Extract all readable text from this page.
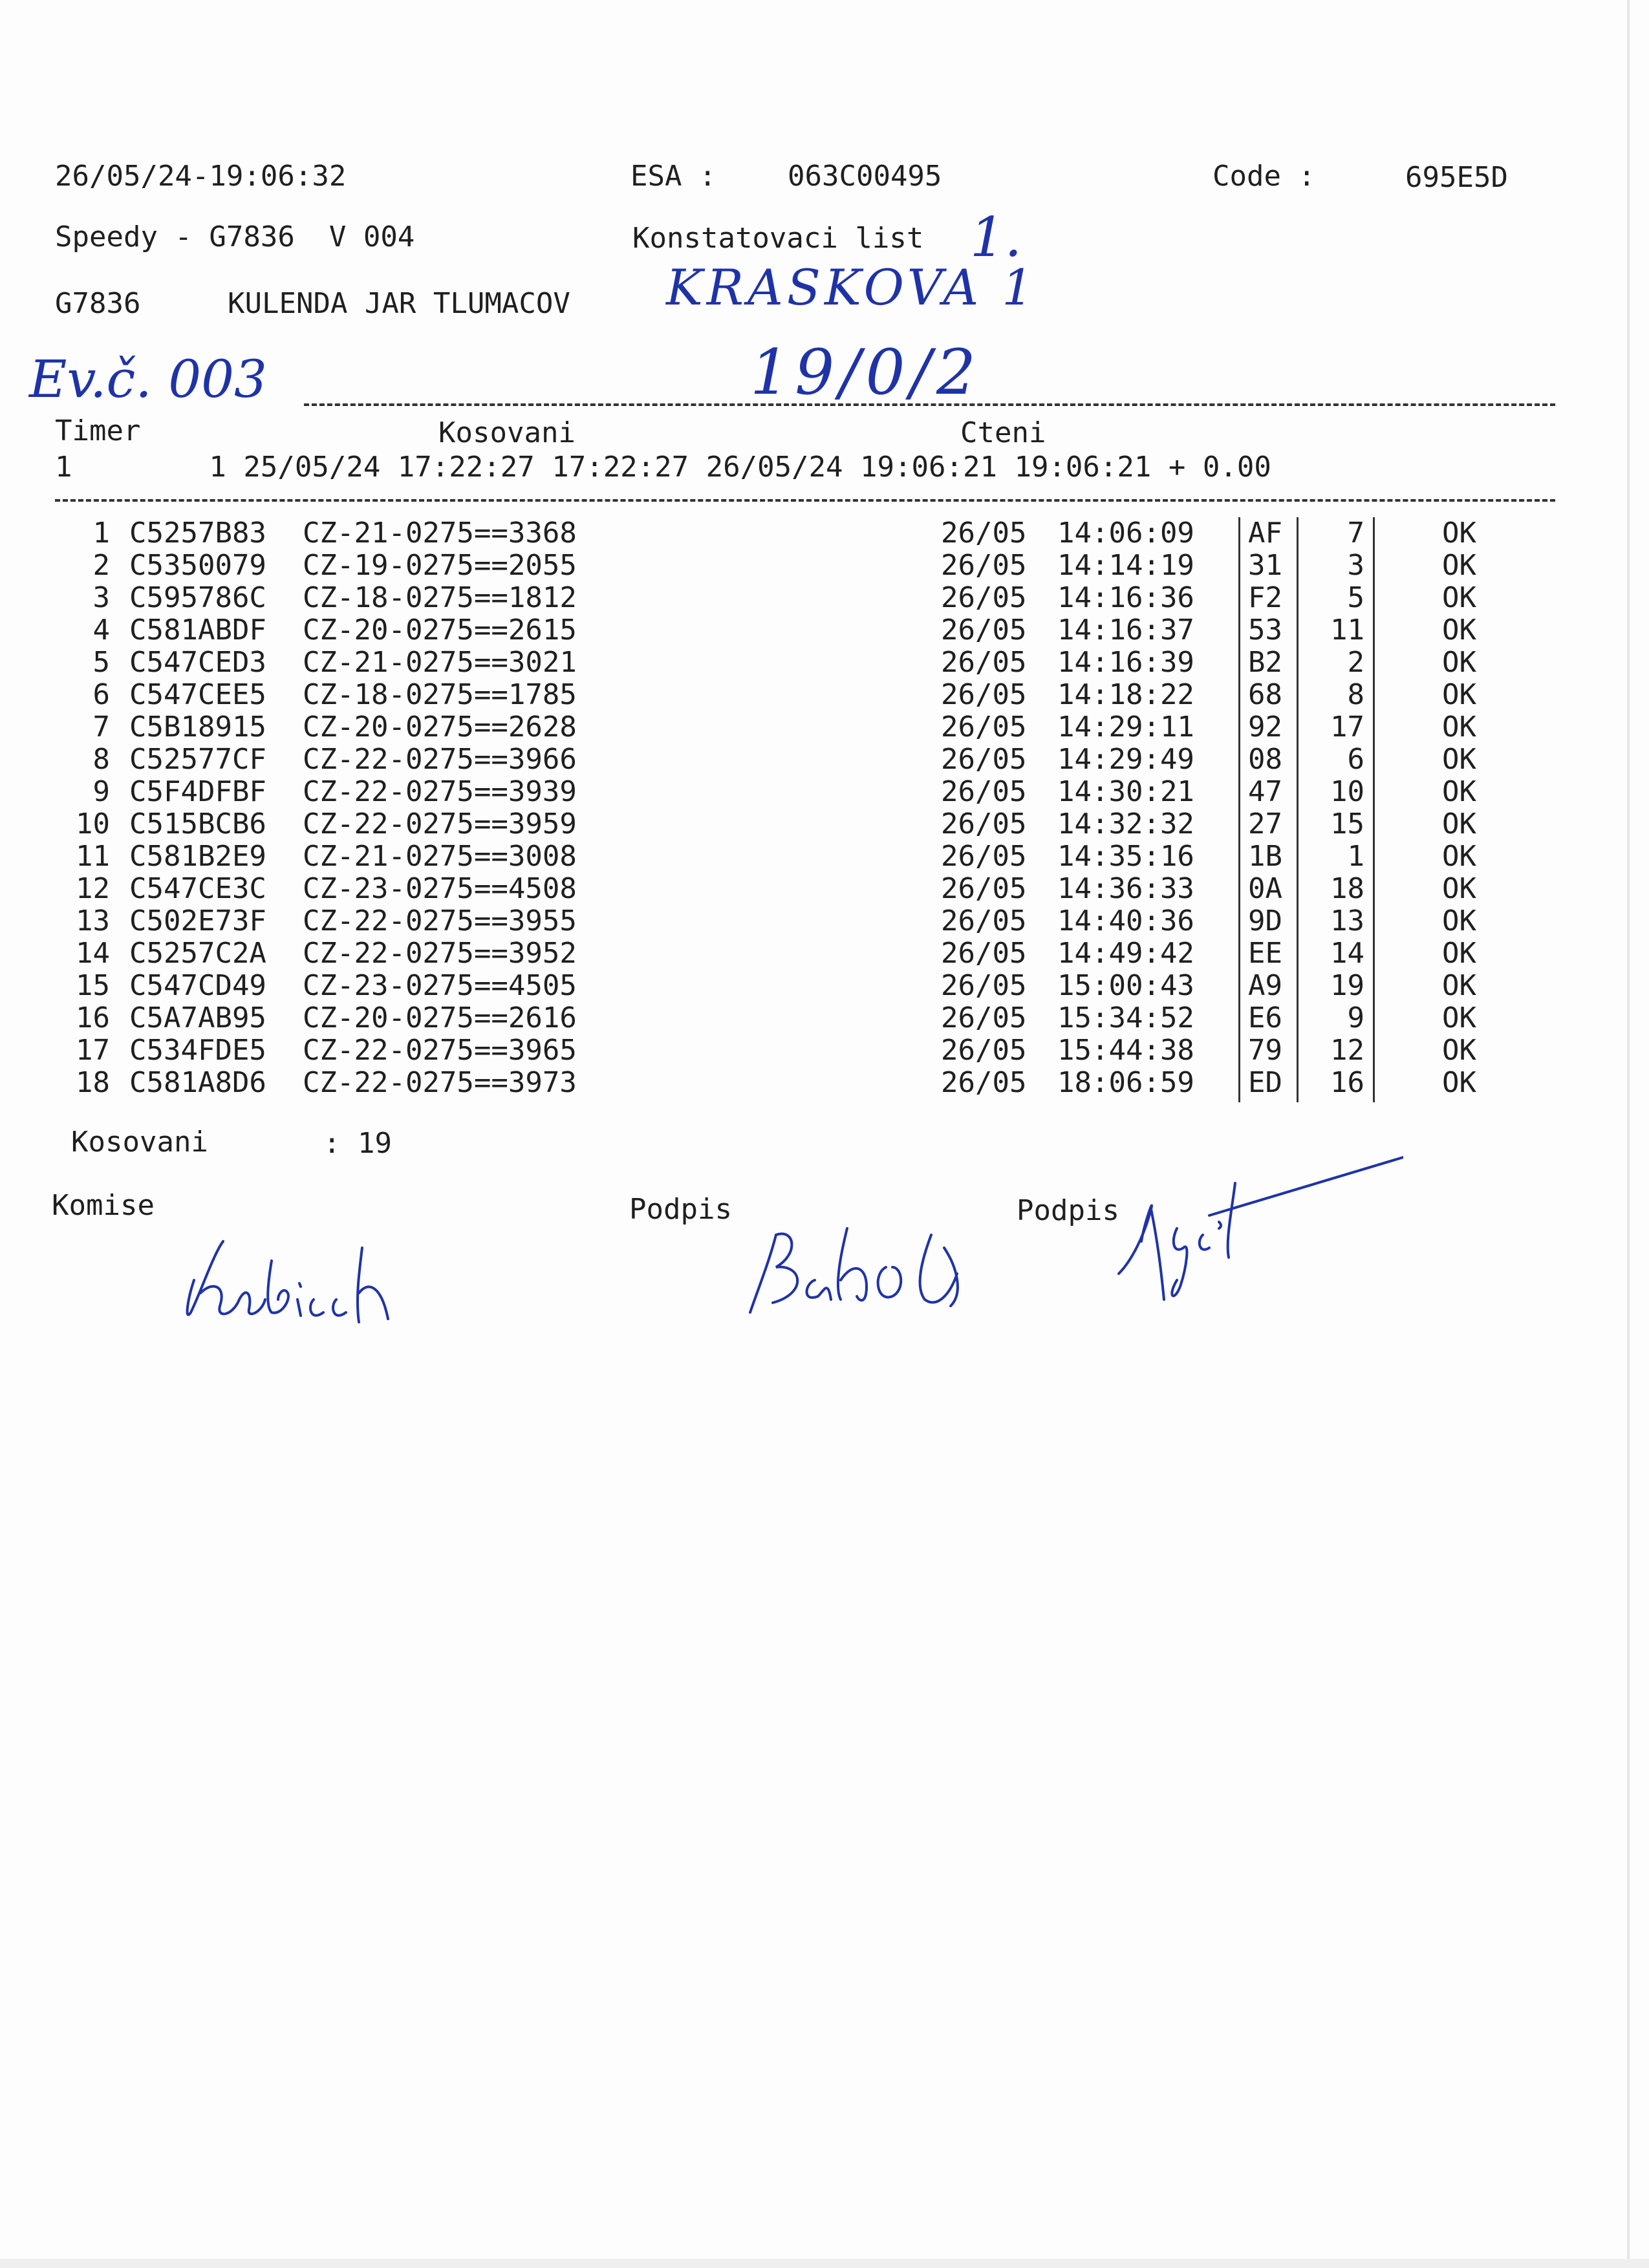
26/05/24-19:06:32	ESA :	063C00495	Code :	695E5D
Speedy - G7836  V 004	Konstatovaci list
G7836	KULENDA JAR TLUMACOV
1.
KRASKOVA 1
Ev.č. 003	19/0/2
Timer	Kosovani	Cteni
1        1 25/05/24 17:22:27 17:22:27 26/05/24 19:06:21 19:06:21 + 0.00
1 C5257B83 CZ-21-0275==3368	26/05 14:06:09 AF	7	OK
2 C5350079 CZ-19-0275==2055	26/05 14:14:19 31	3	OK
3 C595786C CZ-18-0275==1812	26/05 14:16:36 F2	5	OK
4 C581ABDF CZ-20-0275==2615	26/05 14:16:37 53	11	OK
5 C547CED3 CZ-21-0275==3021	26/05 14:16:39 B2	2	OK
6 C547CEE5 CZ-18-0275==1785	26/05 14:18:22 68	8	OK
7 C5B18915 CZ-20-0275==2628	26/05 14:29:11 92	17	OK
8 C52577CF CZ-22-0275==3966	26/05 14:29:49 08	6	OK
9 C5F4DFBF CZ-22-0275==3939	26/05 14:30:21 47	10	OK
10 C515BCB6 CZ-22-0275==3959	26/05 14:32:32 27	15	OK
11 C581B2E9 CZ-21-0275==3008	26/05 14:35:16 1B	1	OK
12 C547CE3C CZ-23-0275==4508	26/05 14:36:33 0A	18	OK
13 C502E73F CZ-22-0275==3955	26/05 14:40:36 9D	13	OK
14 C5257C2A CZ-22-0275==3952	26/05 14:49:42 EE	14	OK
15 C547CD49 CZ-23-0275==4505	26/05 15:00:43 A9	19	OK
16 C5A7AB95 CZ-20-0275==2616	26/05 15:34:52 E6	9	OK
17 C534FDE5 CZ-22-0275==3965	26/05 15:44:38 79	12	OK
18 C581A8D6 CZ-22-0275==3973	26/05 18:06:59 ED	16	OK
Kosovani	: 19
Komise	Podpis	Podpis
